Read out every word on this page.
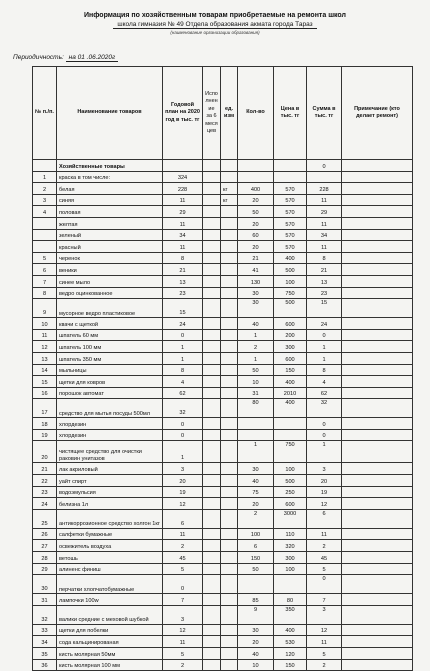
Информация по хозяйственным товарам приобретаемые на ремонта школ
школа гимназия № 49 Отдела образования акмата города Тараз
(наименование организации образования)
Периодичность: на 01 .06.2020г
№ п./п.	Наименование товаров	Годовой план на 2020 год в тыс. тг	Испо лнен ие за 6 меся цев	ед. изм	Кол-во	Цена в тыс. тг	Сумма в тыс. тг	Примечание (кто делает ремонт)
	Хозяйственные товары						0	
1	краска в том числе:	324						
2	белая	228		кг	400	570	228	
3	синяя	11		кг	20	570	11	
4	половая	29			50	570	29	
	желтая	11			20	570	11	
	зеленый	34			60	570	34	
	красный	11			20	570	11	
5	черенок	8			21	400	8	
6	веники	21			41	500	21	
7	синее мыло	13			130	100	13	
8	ведро оцинкованное	23			30	750	23	
9	мусорное ведро пластиковое	15			30	500	15	
10	квачи с щеткой	24			40	600	24	
11	шпатель 60 мм	0			1	200	0	
12	шпатель 100 мм	1			2	300	1	
13	шпатель 350 мм	1			1	600	1	
14	мыльницы	8			50	150	8	
15	щетки для ковров	4			10	400	4	
16	порошок автомат	62			31	2010	62	
17	средство для мытья посуды 500мл	32			80	400	32	
18	хлордезин	0					0	
19	хлордезин	0					0	
20	чистящее средство для очистки раковин унитазов	1			1	750	1	
21	лак акриловый	3			30	100	3	
22	уайт спирт	20			40	500	20	
23	водоэмульсия	19			75	250	19	
24	белизна 1л	12			20	600	12	
25	антикоррозионное средство холгон 1кг	6			2	3000	6	
26	салфетки бумажные	11			100	110	11	
27	освежитель воздуха	2			6	320	2	
28	ветошь	45			150	300	45	
29	алиненс финиш	5			50	100	5	
30	перчатки хлопчатобумажные	0					0	
31	лампочки 100w	7			85	80	7	
32	валики средние с меховой шубкой	3			9	350	3	
33	щетки для побелки	12			30	400	12	
34	сода кальцинированая	11			20	530	11	
35	кисть молярная 50мм	5			40	120	5	
36	кисть молярная 100 мм	2			10	150	2	
